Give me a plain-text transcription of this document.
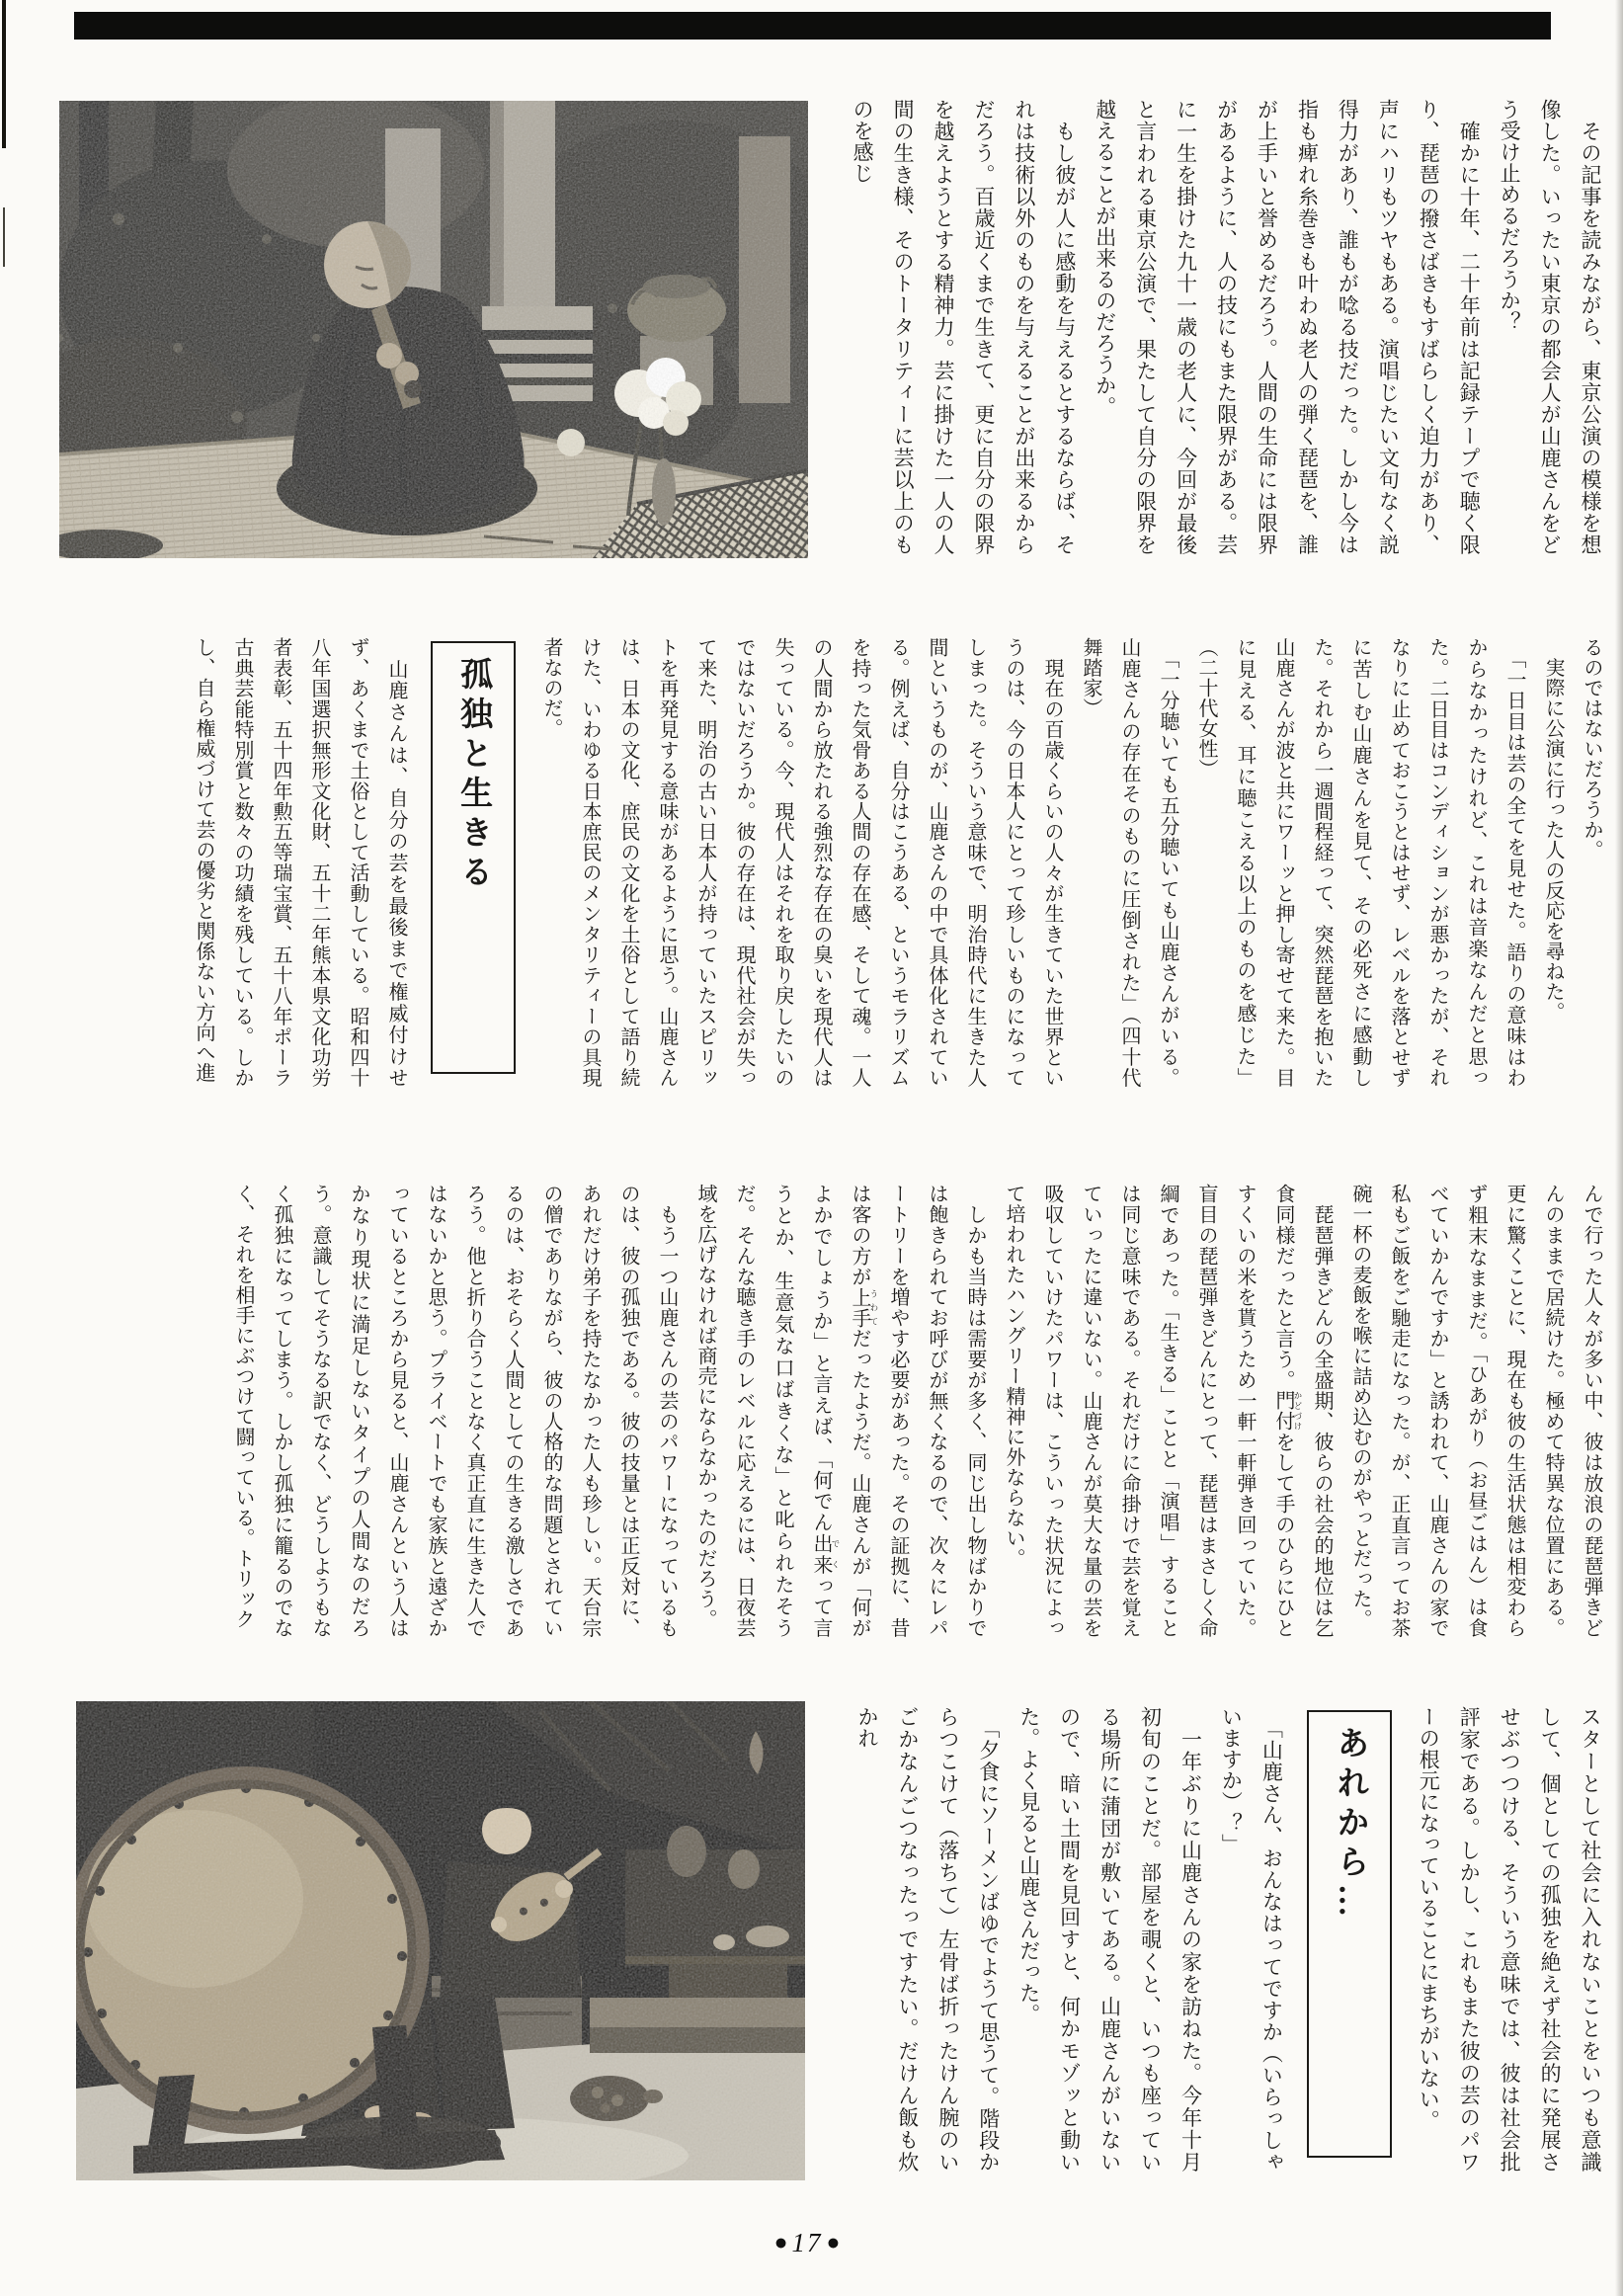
　その記事を読みながら、東京公演の模様を想像した。いったい東京の都会人が山鹿さんをどう受け止めるだろうか？

　確かに十年、二十年前は記録テープで聴く限り、琵琶の撥さばきもすばらしく迫力があり、声にハリもツヤもある。演唱じたい文句なく説得力があり、誰もが唸る技だった。しかし今は指も痺れ糸巻きも叶わぬ老人の弾く琵琶を、誰が上手いと誉めるだろう。人間の生命には限界があるように、人の技にもまた限界がある。芸に一生を掛けた九十一歳の老人に、今回が最後と言われる東京公演で、果たして自分の限界を越えることが出来るのだろうか。

　もし彼が人に感動を与えるとするならば、それは技術以外のものを与えることが出来るからだろう。百歳近くまで生きて、更に自分の限界を越えようとする精神力。芸に掛けた一人の人間の生き様、そのトータリティーに芸以上のものを感じ

るのではないだろうか。

　実際に公演に行った人の反応を尋ねた。

　「一日目は芸の全てを見せた。語りの意味はわからなかったけれど、これは音楽なんだと思った。二日目はコンディションが悪かったが、それなりに止めておこうとはせず、レベルを落とせずに苦しむ山鹿さんを見て、その必死さに感動した。それから一週間程経って、突然琵琶を抱いた山鹿さんが波と共にワーッと押し寄せて来た。目に見える、耳に聴こえる以上のものを感じた」（二十代女性）

　「一分聴いても五分聴いても山鹿さんがいる。山鹿さんの存在そのものに圧倒された」（四十代舞踏家）

　現在の百歳くらいの人々が生きていた世界というのは、今の日本人にとって珍しいものになってしまった。そういう意味で、明治時代に生きた人間というものが、山鹿さんの中で具体化されている。例えば、自分はこうある、というモラリズムを持った気骨ある人間の存在感、そして魂。一人の人間から放たれる強烈な存在の臭いを現代人は失っている。今、現代人はそれを取り戻したいのではないだろうか。彼の存在は、現代社会が失って来た、明治の古い日本人が持っていたスピリットを再発見する意味があるように思う。山鹿さんは、日本の文化、庶民の文化を土俗として語り続けた、いわゆる日本庶民のメンタリティーの具現者なのだ。

孤独と生きる

　山鹿さんは、自分の芸を最後まで権威付けせず、あくまで土俗として活動している。昭和四十八年国選択無形文化財、五十二年熊本県文化功労者表彰、五十四年勲五等瑞宝賞、五十八年ポーラ古典芸能特別賞と数々の功績を残している。しかし、自ら権威づけて芸の優劣と関係ない方向へ進

んで行った人々が多い中、彼は放浪の琵琶弾きどんのままで居続けた。極めて特異な位置にある。更に驚くことに、現在も彼の生活状態は相変わらず粗末なままだ。「ひあがり（お昼ごはん）は食べていかんですか」と誘われて、山鹿さんの家で私もご飯をご馳走になった。が、正直言ってお茶碗一杯の麦飯を喉に詰め込むのがやっとだった。

　琵琶弾きどんの全盛期、彼らの社会的地位は乞食同様だったと言う。門付 かどづけをして手のひらにひとすくいの米を貰うため一軒一軒弾き回っていた。盲目の琵琶弾きどんにとって、琵琶はまさしく命綱であった。「生きる」ことと「演唱」することは同じ意味である。それだけに命掛けで芸を覚えていったに違いない。山鹿さんが莫大な量の芸を吸収していけたパワーは、こういった状況によって培われたハングリー精神に外ならない。

　しかも当時は需要が多く、同じ出し物ばかりでは飽きられてお呼びが無くなるので、次々にレパートリーを増やす必要があった。その証拠に、昔は客の方が上手 うわてだったようだ。山鹿さんが「何がよかでしょうか」と言えば、「何でん出来 でくって言うとか、生意気な口ばきくな」と叱られたそうだ。そんな聴き手のレベルに応えるには、日夜芸域を広げなければ商売にならなかったのだろう。

　もう一つ山鹿さんの芸のパワーになっているものは、彼の孤独である。彼の技量とは正反対に、あれだけ弟子を持たなかった人も珍しい。天台宗の僧でありながら、彼の人格的な問題とされているのは、おそらく人間としての生きる激しさであろう。他と折り合うことなく真正直に生きた人ではないかと思う。プライベートでも家族と遠ざかっているところから見ると、山鹿さんという人はかなり現状に満足しないタイプの人間なのだろう。意識してそうなる訳でなく、どうしようもなく孤独になってしまう。しかし孤独に籠るのでなく、それを相手にぶつけて闘っている。トリック

スターとして社会に入れないことをいつも意識して、個としての孤独を絶えず社会的に発展させぶつつける、そういう意味では、彼は社会批評家である。しかし、これもまた彼の芸のパワーの根元になっていることにまちがいない。

あれから…

　「山鹿さん、おんなはってですか（いらっしゃいますか）？」

　一年ぶりに山鹿さんの家を訪ねた。今年十月初旬のことだ。部屋を覗くと、いつも座っている場所に蒲団が敷いてある。山鹿さんがいないので、暗い土間を見回すと、何かモゾッと動いた。よく見ると山鹿さんだった。

　「夕食にソーメンばゆでようて思うて。階段からつこけて（落ちて）左骨ば折ったけん腕のいごかなんごつなったっですたい。だけん飯も炊かれ

● 17 ●
